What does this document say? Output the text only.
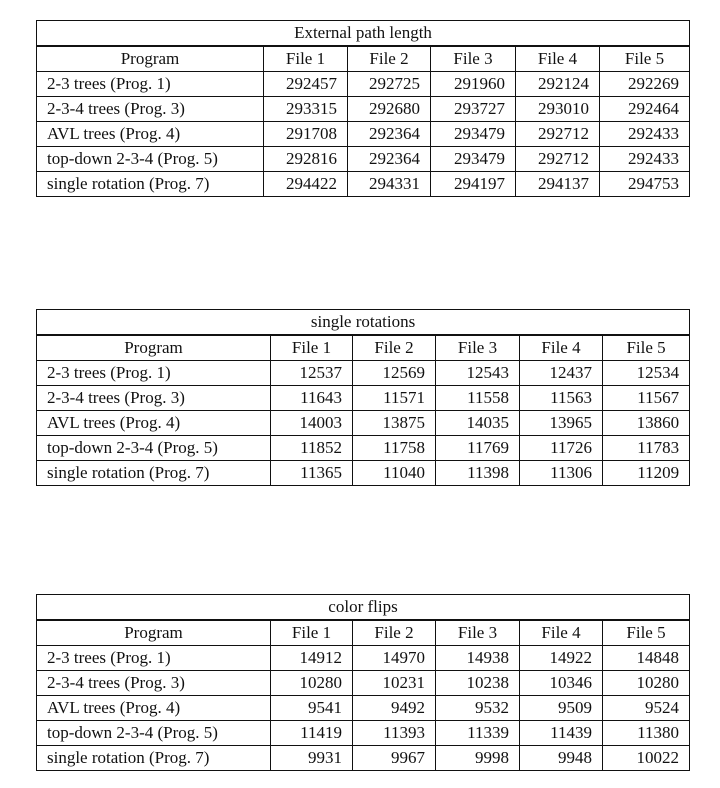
External path length					
Program	File 1	File 2	File 3	File 4	File 5
2-3 trees (Prog. 1)	292457	292725	291960	292124	292269
2-3-4 trees (Prog. 3)	293315	292680	293727	293010	292464
AVL trees (Prog. 4)	291708	292364	293479	292712	292433
top-down 2-3-4 (Prog. 5)	292816	292364	293479	292712	292433
single rotation (Prog. 7)	294422	294331	294197	294137	294753
single rotations					
Program	File 1	File 2	File 3	File 4	File 5
2-3 trees (Prog. 1)	12537	12569	12543	12437	12534
2-3-4 trees (Prog. 3)	11643	11571	11558	11563	11567
AVL trees (Prog. 4)	14003	13875	14035	13965	13860
top-down 2-3-4 (Prog. 5)	11852	11758	11769	11726	11783
single rotation (Prog. 7)	11365	11040	11398	11306	11209
color flips					
Program	File 1	File 2	File 3	File 4	File 5
2-3 trees (Prog. 1)	14912	14970	14938	14922	14848
2-3-4 trees (Prog. 3)	10280	10231	10238	10346	10280
AVL trees (Prog. 4)	9541	9492	9532	9509	9524
top-down 2-3-4 (Prog. 5)	11419	11393	11339	11439	11380
single rotation (Prog. 7)	9931	9967	9998	9948	10022
